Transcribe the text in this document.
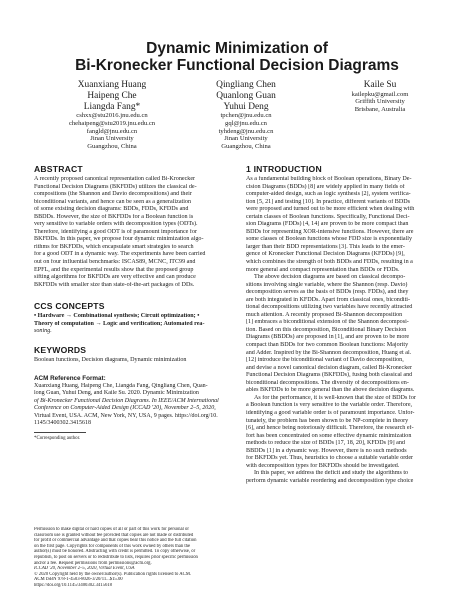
Dynamic Minimization of
Bi-Kronecker Functional Decision Diagrams
Xuanxiang Huang
Haipeng Che
Liangda Fang*
cshxx@stu2016.jnu.edu.cn
chehaipeng@stu2019.jnu.edu.cn
fangld@jnu.edu.cn
Jinan University
Guangzhou, China
Qingliang Chen
Quanlong Guan
Yuhui Deng
tpchen@jnu.edu.cn
gql@jnu.edu.cn
tyhdeng@jnu.edu.cn
Jinan University
Guangzhou, China
Kaile Su
kailepku@gmail.com
Griffith University
Brisbane, Australia
ABSTRACT
A recently proposed canonical representation called Bi-Kronecker
Functional Decision Diagrams (BKFDDs) utilizes the classical de-
compositions (the Shannon and Davio decompositions) and their
biconditional variants, and hence can be seen as a generalization
of some existing decision diagrams: BDDs, FDDs, KFDDs and
BBDDs. However, the size of BKFDDs for a Boolean function is
very sensitive to variable orders with decomposition types (ODTs).
Therefore, identifying a good ODT is of paramount importance for
BKFDDs. In this paper, we propose four dynamic minimization algo-
rithms for BKFDDs, which encapsulate smart strategies to search
for a good ODT in a dynamic way. The experiments have been carried
out on four influential benchmarks: ISCAS89, MCNC, ITC99 and
EPFL, and the experimental results show that the proposed group
sifting algorithms for BKFDDs are very effective and can produce
BKFDDs with smaller size than state-of-the-art packages of DDs.
CCS CONCEPTS
• Hardware → Combinational synthesis; Circuit optimization; •
Theory of computation → Logic and verification; Automated rea-
soning.
KEYWORDS
Boolean functions, Decision diagrams, Dynamic minimization
ACM Reference Format:
Xuanxiang Huang, Haipeng Che, Liangda Fang, Qingliang Chen, Quan-
long Guan, Yuhui Deng, and Kaile Su. 2020. Dynamic Minimization
of Bi-Kronecker Functional Decision Diagrams. In IEEE/ACM International
Conference on Computer-Aided Design (ICCAD '20), November 2–5, 2020,
Virtual Event, USA. ACM, New York, NY, USA, 9 pages. https://doi.org/10.
1145/3400302.3415618
*Corresponding author.
Permission to make digital or hard copies of all or part of this work for personal or
classroom use is granted without fee provided that copies are not made or distributed
for profit or commercial advantage and that copies bear this notice and the full citation
on the first page. Copyrights for components of this work owned by others than the
author(s) must be honored. Abstracting with credit is permitted. To copy otherwise, or
republish, to post on servers or to redistribute to lists, requires prior specific permission
and/or a fee. Request permissions from permissions@acm.org.
ICCAD '20, November 2–5, 2020, Virtual Event, USA
© 2020 Copyright held by the owner/author(s). Publication rights licensed to ACM.
ACM ISBN 978-1-4503-8026-3/20/11...$15.00
https://doi.org/10.1145/3400302.3415618
1 INTRODUCTION
As a fundamental building block of Boolean operations, Binary De-
cision Diagrams (BDDs) [8] are widely applied in many fields of
computer-aided design, such as logic synthesis [2], system verifica-
tion [5, 21] and testing [10]. In practice, different variants of BDDs
were proposed and turned out to be more efficient when dealing with
certain classes of Boolean functions. Specifically, Functional Deci-
sion Diagrams (FDDs) [4, 14] are proven to be more compact than
BDDs for representing XOR-intensive functions. However, there are
some classes of Boolean functions whose FDD size is exponentially
larger than their BDD representations [3]. This leads to the emer-
gence of Kronecker Functional Decision Diagrams (KFDDs) [9],
which combines the strength of both BDDs and FDDs, resulting in a
more general and compact representation than BDDs or FDDs.
The above decision diagrams are based on classical decompo-
sitions involving single variable, where the Shannon (resp. Davio)
decomposition serves as the basis of BDDs (resp. FDDs), and they
are both integrated in KFDDs. Apart from classical ones, biconditi-
tional decompositions utilizing two variables have recently attracted
much attention. A recently proposed Bi-Shannon decomposition
[1] embraces a biconditional extension of the Shannon decomposi-
tion. Based on this decomposition, Biconditional Binary Decision
Diagrams (BBDDs) are proposed in [1], and are proven to be more
compact than BDDs for two common Boolean functions: Majority
and Adder. Inspired by the Bi-Shannon decomposition, Huang et al.
[12] introduce the biconditional variant of Davio decomposition,
and devise a novel canonical decision diagram, called Bi-Kronecker
Functional Decision Diagrams (BKFDDs), fusing both classical and
biconditional decompositions. The diversity of decompositions en-
ables BKFDDs to be more general than the above decision diagrams.
As for the performance, it is well-known that the size of BDDs for
a Boolean function is very sensitive to the variable order. Therefore,
identifying a good variable order is of paramount importance. Unfor-
tunately, the problem has been shown to be NP-complete in theory
[6], and hence being notoriously difficult. Therefore, the research ef-
fort has been concentrated on some effective dynamic minimization
methods to reduce the size of BDDs [17, 18, 20], KFDDs [9] and
BBDDs [1] in a dynamic way. However, there is no such methods
for BKFDDs yet. Thus, heuristics to choose a suitable variable order
with decomposition types for BKFDDs should be investigated.
In this paper, we address the deficit and study the algorithms to
perform dynamic variable reordering and decomposition type choice
